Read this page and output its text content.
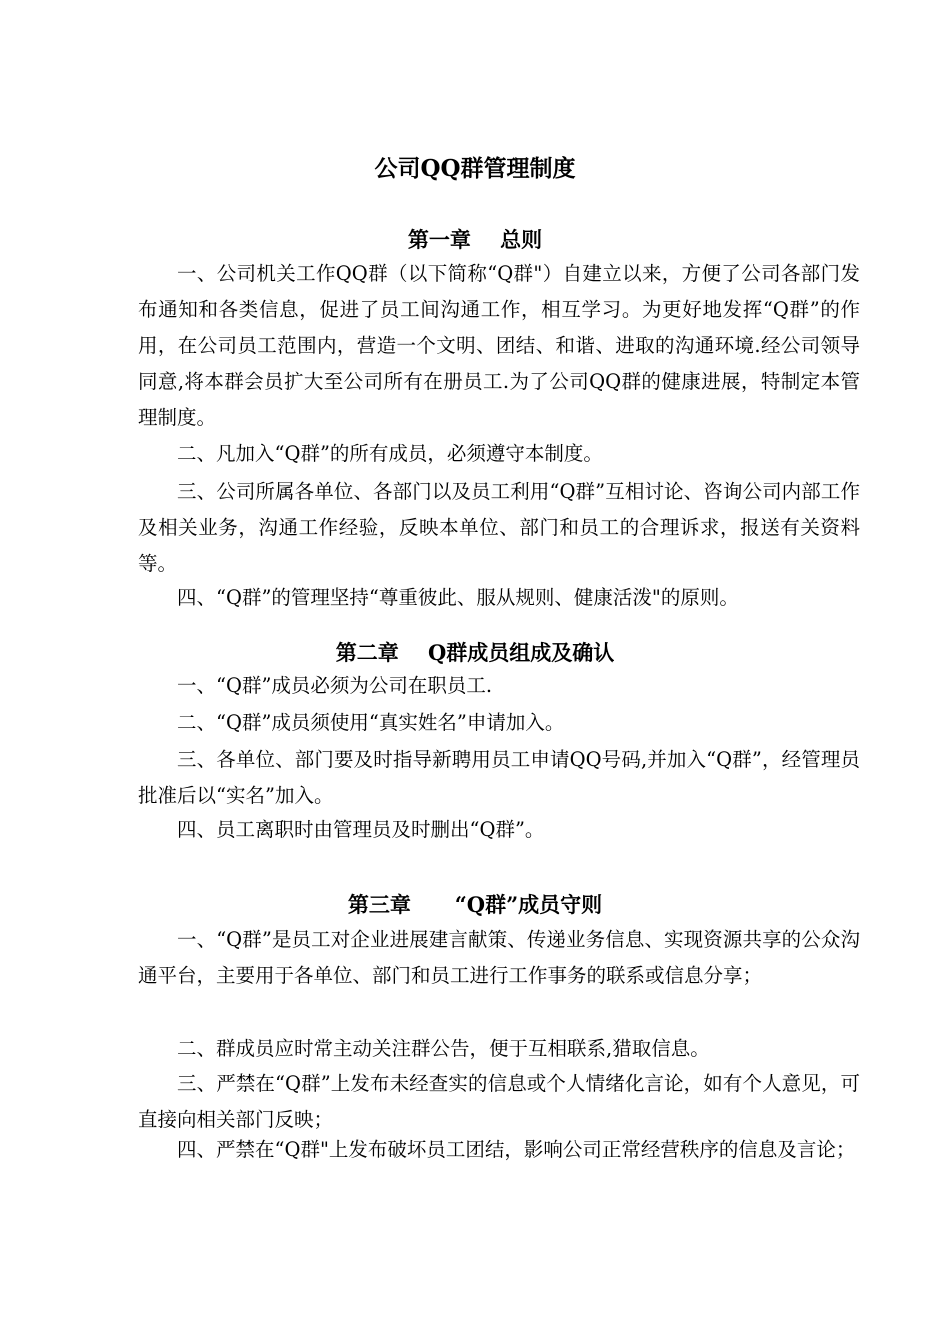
公司QQ群管理制度
第一章    总则

一、公司机关工作QQ群（以下简称“Q群"）自建立以来，方便了公司各部门发布通知和各类信息，促进了员工间沟通工作，相互学习。为更好地发挥“Q群”的作用，在公司员工范围内，营造一个文明、团结、和谐、进取的沟通环境.经公司领导同意,将本群会员扩大至公司所有在册员工.为了公司QQ群的健康进展，特制定本管理制度。

二、凡加入“Q群”的所有成员，必须遵守本制度。

三、公司所属各单位、各部门以及员工利用“Q群”互相讨论、咨询公司内部工作及相关业务，沟通工作经验，反映本单位、部门和员工的合理诉求，报送有关资料等。

四、“Q群”的管理坚持“尊重彼此、服从规则、健康活泼"的原则。

第二章    Q群成员组成及确认

一、“Q群”成员必须为公司在职员工.

二、“Q群”成员须使用“真实姓名”申请加入。

三、各单位、部门要及时指导新聘用员工申请QQ号码,并加入“Q群”，经管理员批准后以“实名”加入。

四、员工离职时由管理员及时删出“Q群”。

第三章      “Q群”成员守则

一、“Q群”是员工对企业进展建言献策、传递业务信息、实现资源共享的公众沟通平台，主要用于各单位、部门和员工进行工作事务的联系或信息分享；

二、群成员应时常主动关注群公告，便于互相联系,猎取信息。

三、严禁在“Q群”上发布未经查实的信息或个人情绪化言论，如有个人意见，可直接向相关部门反映；

四、严禁在“Q群"上发布破坏员工团结，影响公司正常经营秩序的信息及言论；
